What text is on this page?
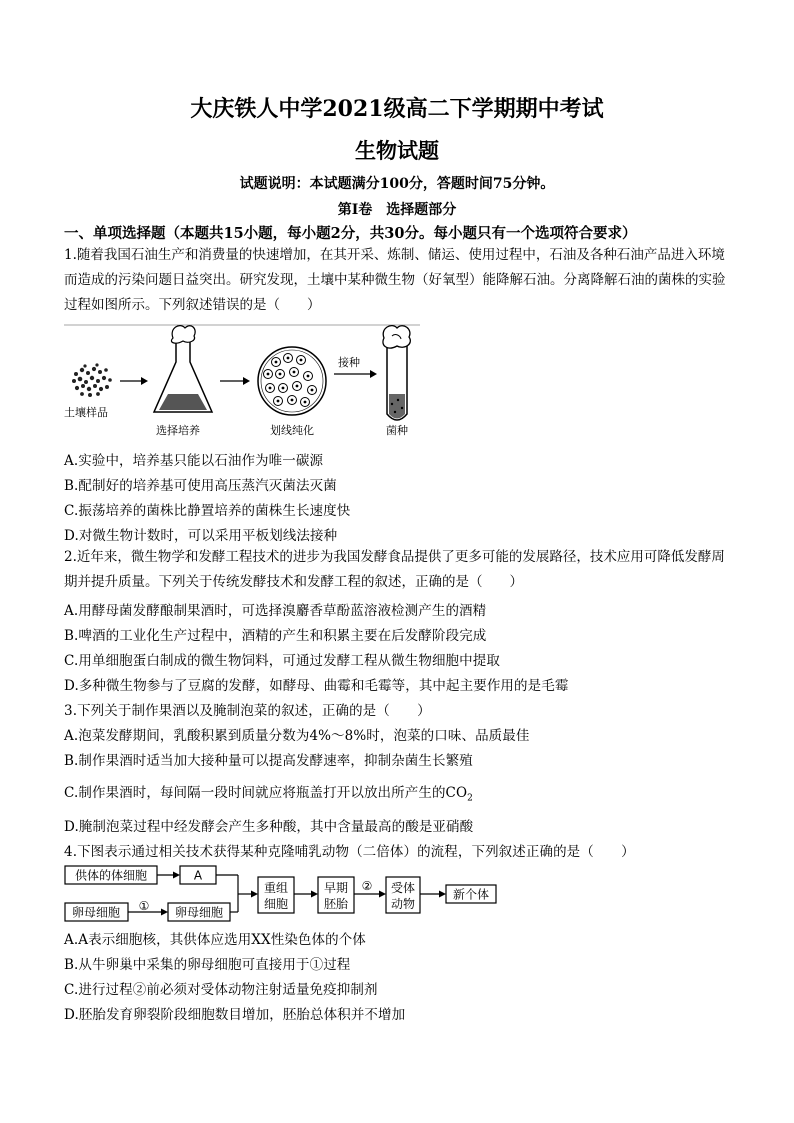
大庆铁人中学2021级高二下学期期中考试
生物试题
试题说明：本试题满分100分，答题时间75分钟。
第Ⅰ卷　选择题部分
一、单项选择题（本题共15小题，每小题2分，共30分。每小题只有一个选项符合要求）
1.随着我国石油生产和消费量的快速增加，在其开采、炼制、储运、使用过程中，石油及各种石油产品进入环境而造成的污染问题日益突出。研究发现，土壤中某种微生物（好氧型）能降解石油。分离降解石油的菌株的实验过程如图所示。下列叙述错误的是（　　）
土壤样品
选择培养	划线纯化
接种
菌种
A.实验中，培养基只能以石油作为唯一碳源
B.配制好的培养基可使用高压蒸汽灭菌法灭菌
C.振荡培养的菌株比静置培养的菌株生长速度快
D.对微生物计数时，可以采用平板划线法接种
2.近年来，微生物学和发酵工程技术的进步为我国发酵食品提供了更多可能的发展路径，技术应用可降低发酵周期并提升质量。下列关于传统发酵技术和发酵工程的叙述，正确的是（　　）
A.用酵母菌发酵酿制果酒时，可选择溴麝香草酚蓝溶液检测产生的酒精
B.啤酒的工业化生产过程中，酒精的产生和积累主要在后发酵阶段完成
C.用单细胞蛋白制成的微生物饲料，可通过发酵工程从微生物细胞中提取
D.多种微生物参与了豆腐的发酵，如酵母、曲霉和毛霉等，其中起主要作用的是毛霉
3.下列关于制作果酒以及腌制泡菜的叙述，正确的是（　　）
A.泡菜发酵期间，乳酸积累到质量分数为4%～8%时，泡菜的口味、品质最佳
B.制作果酒时适当加大接种量可以提高发酵速率，抑制杂菌生长繁殖
C.制作果酒时，每间隔一段时间就应将瓶盖打开以放出所产生的$CO_2$
D.腌制泡菜过程中经发酵会产生多种酸，其中含量最高的酸是亚硝酸
4.下图表示通过相关技术获得某种克隆哺乳动物（二倍体）的流程，下列叙述正确的是（　　）
供体的体细胞	A
卵母细胞 ① 卵母细胞
重组
细胞
早期
胚胎
② 受体
动物
新个体
A.A表示细胞核，其供体应选用XX性染色体的个体
B.从牛卵巢中采集的卵母细胞可直接用于①过程
C.进行过程②前必须对受体动物注射适量免疫抑制剂
D.胚胎发育卵裂阶段细胞数目增加，胚胎总体积并不增加
